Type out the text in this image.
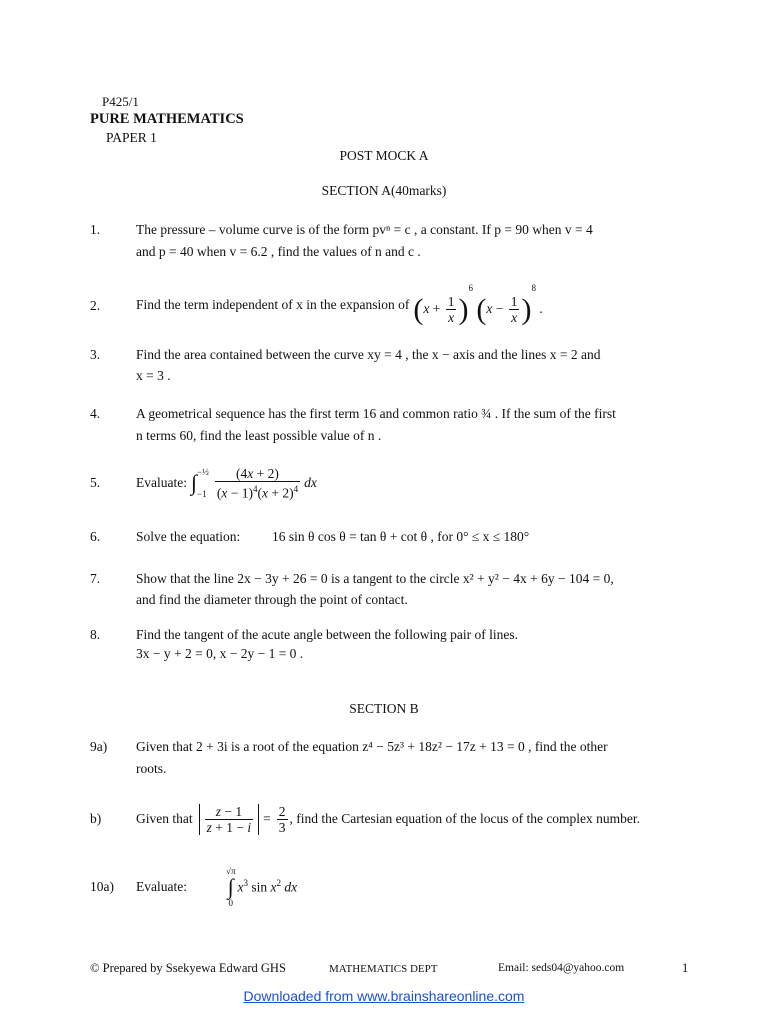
P425/1
PURE MATHEMATICS
PAPER 1
POST MOCK A
SECTION A(40marks)
1.	The pressure – volume curve is of the form pvⁿ = c , a constant. If p = 90 when v = 4
and p = 40 when v = 6.2 , find the values of n and c .
2.	Find the term independent of x in the expansion of $(x + \frac{1}{x} )^6$ $(x - \frac{1}{x} )^8$ .
3.	Find the area contained between the curve xy = 4 , the x − axis and the lines x = 2 and
x = 3 .
4.	A geometrical sequence has the first term 16 and common ratio ¾ . If the sum of the first
n terms 60, find the least possible value of n .
5.	Evaluate: ∫ −½
$-1 \frac{(4x + 2)}{(x - 1)^4(x + 2)^4}$ dx
6.	Solve the equation: 16 sin θ cos θ = tan θ + cot θ , for 0° ≤ x ≤ 180°
7.	Show that the line 2x − 3y + 26 = 0 is a tangent to the circle x² + y² − 4x + 6y − 104 = 0,
and find the diameter through the point of contact.
8.	Find the tangent of the acute angle between the following pair of lines.
3x − y + 2 = 0, x − 2y − 1 = 0 .
SECTION B
9a) Given that 2 + 3i is a root of the equation z⁴ − 5z³ + 18z² − 17z + 13 = 0 , find the other
roots.
b)	Given that $\frac{z - 1}{z + 1 - i} = \frac{2}{3}$ , find the Cartesian equation of the locus of the complex number.
10a) Evaluate:
√π
∫
0
$x^3$ $\sin x^2$ dx
© Prepared by Ssekyewa Edward GHS	MATHEMATICS DEPT	Email: seds04@yahoo.com	1
Downloaded from www.brainshareonline.com
